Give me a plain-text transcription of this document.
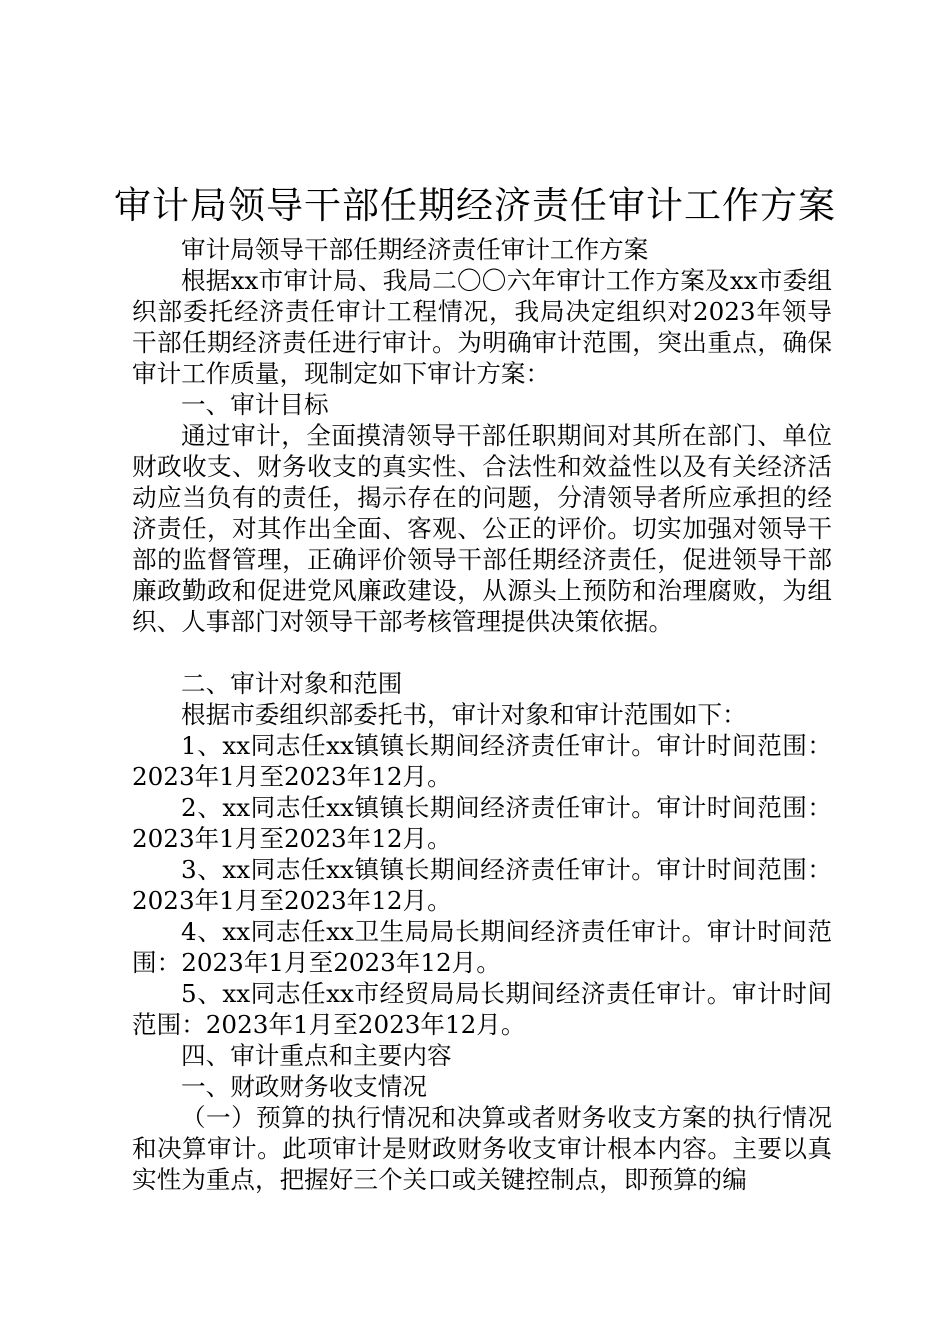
审计局领导干部任期经济责任审计工作方案

审计局领导干部任期经济责任审计工作方案

根据xx市审计局、我局二〇〇六年审计工作方案及xx市委组织部委托经济责任审计工程情况，我局决定组织对2023年领导干部任期经济责任进行审计。为明确审计范围，突出重点，确保审计工作质量，现制定如下审计方案：

一、审计目标

通过审计，全面摸清领导干部任职期间对其所在部门、单位财政收支、财务收支的真实性、合法性和效益性以及有关经济活动应当负有的责任，揭示存在的问题，分清领导者所应承担的经济责任，对其作出全面、客观、公正的评价。切实加强对领导干部的监督管理，正确评价领导干部任期经济责任，促进领导干部廉政勤政和促进党风廉政建设，从源头上预防和治理腐败，为组织、人事部门对领导干部考核管理提供决策依据。

二、审计对象和范围

根据市委组织部委托书，审计对象和审计范围如下：

1、xx同志任xx镇镇长期间经济责任审计。审计时间范围：2023年1月至2023年12月。

2、xx同志任xx镇镇长期间经济责任审计。审计时间范围：2023年1月至2023年12月。

3、xx同志任xx镇镇长期间经济责任审计。审计时间范围：2023年1月至2023年12月。

4、xx同志任xx卫生局局长期间经济责任审计。审计时间范围：2023年1月至2023年12月。

5、xx同志任xx市经贸局局长期间经济责任审计。审计时间范围：2023年1月至2023年12月。

四、审计重点和主要内容

一、财政财务收支情况

（一）预算的执行情况和决算或者财务收支方案的执行情况和决算审计。此项审计是财政财务收支审计根本内容。主要以真实性为重点，把握好三个关口或关键控制点，即预算的编
